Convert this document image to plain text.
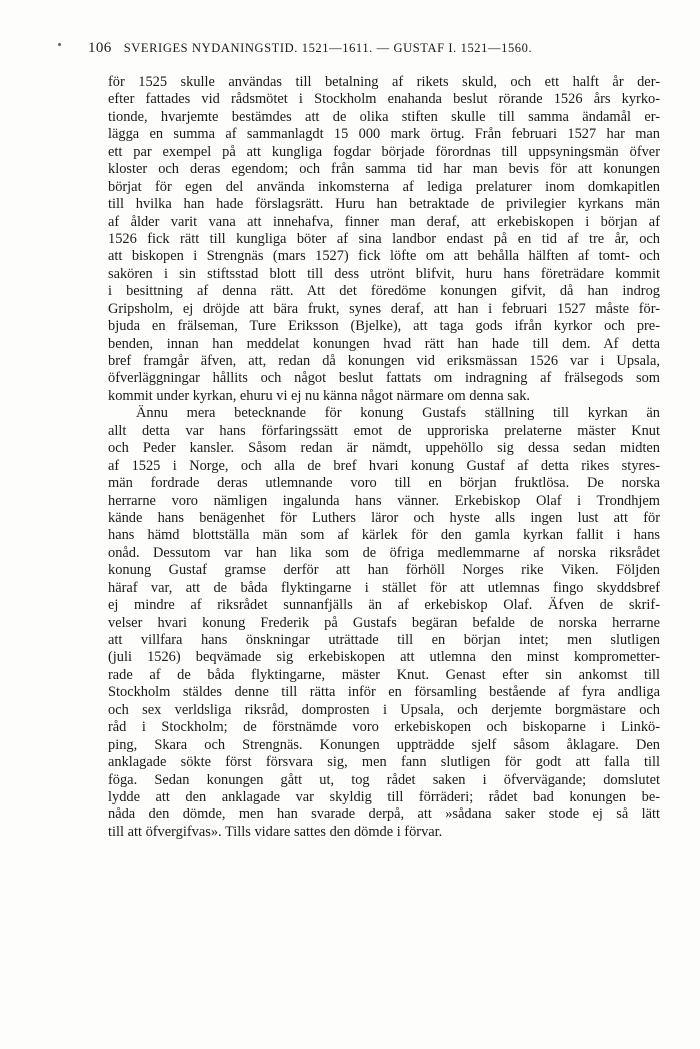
106 SVERIGES NYDANINGSTID. 1521—1611. — GUSTAF I. 1521—1560.
för 1525 skulle användas till betalning af rikets skuld, och ett halft år der-
efter fattades vid rådsmötet i Stockholm enahanda beslut rörande 1526 års kyrko-
tionde, hvarjemte bestämdes att de olika stiften skulle till samma ändamål er-
lägga en summa af sammanlagdt 15 000 mark örtug. Från februari 1527 har man
ett par exempel på att kungliga fogdar började förordnas till uppsyningsmän öfver
kloster och deras egendom; och från samma tid har man bevis för att konungen
börjat för egen del använda inkomsterna af lediga prelaturer inom domkapitlen
till hvilka han hade förslagsrätt. Huru han betraktade de privilegier kyrkans män
af ålder varit vana att innehafva, finner man deraf, att erkebiskopen i början af
1526 fick rätt till kungliga böter af sina landbor endast på en tid af tre år, och
att biskopen i Strengnäs (mars 1527) fick löfte om att behålla hälften af tomt- och
sakören i sin stiftsstad blott till dess utrönt blifvit, huru hans företrädare kommit
i besittning af denna rätt. Att det föredöme konungen gifvit, då han indrog
Gripsholm, ej dröjde att bära frukt, synes deraf, att han i februari 1527 måste för-
bjuda en frälseman, Ture Eriksson (Bjelke), att taga gods ifrån kyrkor och pre-
benden, innan han meddelat konungen hvad rätt han hade till dem. Af detta
bref framgår äfven, att, redan då konungen vid eriksmässan 1526 var i Upsala,
öfverläggningar hållits och något beslut fattats om indragning af frälsegods som
kommit under kyrkan, ehuru vi ej nu känna något närmare om denna sak.
Ännu mera betecknande för konung Gustafs ställning till kyrkan än
allt detta var hans förfaringssätt emot de upproriska prelaterne mäster Knut
och Peder kansler. Såsom redan är nämdt, uppehöllo sig dessa sedan midten
af 1525 i Norge, och alla de bref hvari konung Gustaf af detta rikes styres-
män fordrade deras utlemnande voro till en början fruktlösa. De norska
herrarne voro nämligen ingalunda hans vänner. Erkebiskop Olaf i Trondhjem
kände hans benägenhet för Luthers läror och hyste alls ingen lust att för
hans hämd blottställa män som af kärlek för den gamla kyrkan fallit i hans
onåd. Dessutom var han lika som de öfriga medlemmarne af norska riksrådet
konung Gustaf gramse derför att han förhöll Norges rike Viken. Följden
häraf var, att de båda flyktingarne i stället för att utlemnas fingo skyddsbref
ej mindre af riksrådet sunnanfjälls än af erkebiskop Olaf. Äfven de skrif-
velser hvari konung Frederik på Gustafs begäran befalde de norska herrarne
att villfara hans önskningar uträttade till en början intet; men slutligen
(juli 1526) beqvämade sig erkebiskopen att utlemna den minst komprometter-
rade af de båda flyktingarne, mäster Knut. Genast efter sin ankomst till
Stockholm stäldes denne till rätta inför en församling bestående af fyra andliga
och sex verldsliga riksråd, domprosten i Upsala, och derjemte borgmästare och
råd i Stockholm; de förstnämde voro erkebiskopen och biskoparne i Linkö-
ping, Skara och Strengnäs. Konungen uppträdde sjelf såsom åklagare. Den
anklagade sökte först försvara sig, men fann slutligen för godt att falla till
föga. Sedan konungen gått ut, tog rådet saken i öfvervägande; domslutet
lydde att den anklagade var skyldig till förräderi; rådet bad konungen be-
nåda den dömde, men han svarade derpå, att »sådana saker stode ej så lätt
till att öfvergifvas». Tills vidare sattes den dömde i förvar.
